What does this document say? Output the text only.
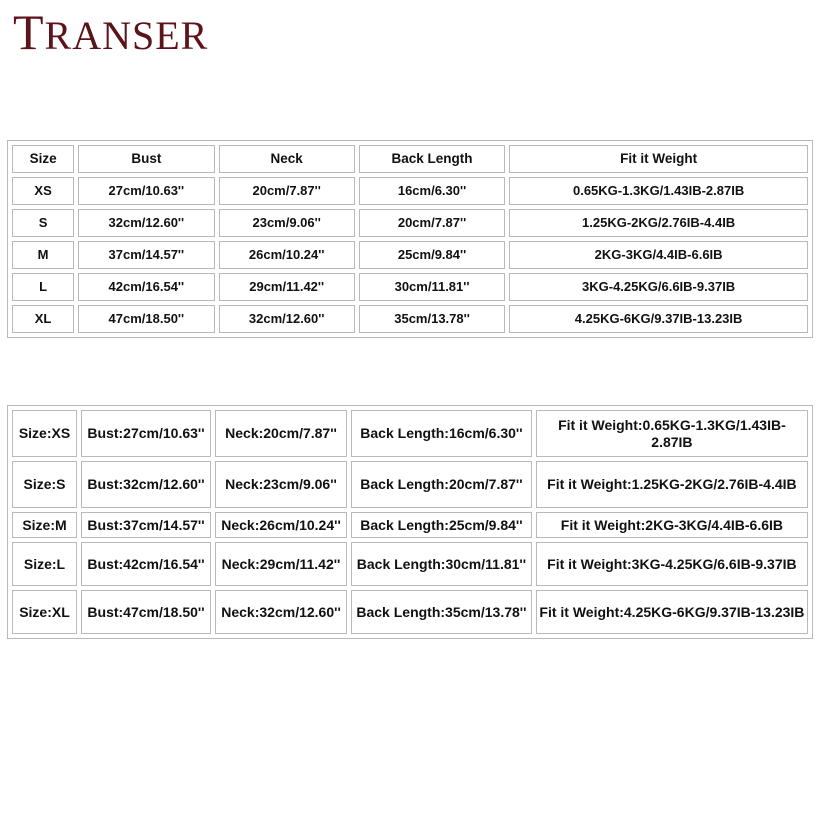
TRANSER
Size	Bust	Neck	Back Length	Fit it Weight
XS	27cm/10.63''	20cm/7.87''	16cm/6.30''	0.65KG-1.3KG/1.43IB-2.87IB
S	32cm/12.60''	23cm/9.06''	20cm/7.87''	1.25KG-2KG/2.76IB-4.4IB
M	37cm/14.57''	26cm/10.24''	25cm/9.84''	2KG-3KG/4.4IB-6.6IB
L	42cm/16.54''	29cm/11.42''	30cm/11.81''	3KG-4.25KG/6.6IB-9.37IB
XL	47cm/18.50''	32cm/12.60''	35cm/13.78''	4.25KG-6KG/9.37IB-13.23IB
Size:XS	Bust:27cm/10.63''	Neck:20cm/7.87''	Back Length:16cm/6.30''	Fit it Weight:0.65KG-1.3KG/1.43IB-2.87IB
Size:S	Bust:32cm/12.60''	Neck:23cm/9.06''	Back Length:20cm/7.87''	Fit it Weight:1.25KG-2KG/2.76IB-4.4IB
Size:M	Bust:37cm/14.57''	Neck:26cm/10.24''	Back Length:25cm/9.84''	Fit it Weight:2KG-3KG/4.4IB-6.6IB
Size:L	Bust:42cm/16.54''	Neck:29cm/11.42''	Back Length:30cm/11.81''	Fit it Weight:3KG-4.25KG/6.6IB-9.37IB
Size:XL	Bust:47cm/18.50''	Neck:32cm/12.60''	Back Length:35cm/13.78''	Fit it Weight:4.25KG-6KG/9.37IB-13.23IB
